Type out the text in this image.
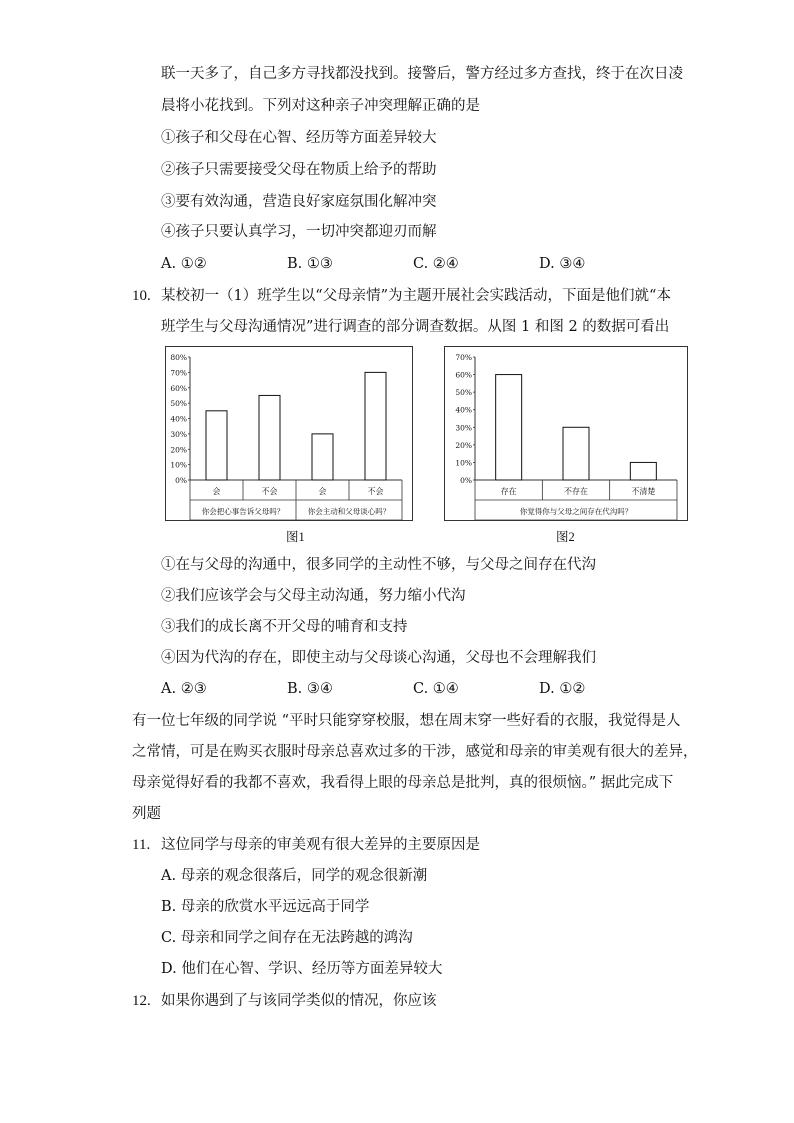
联一天多了，自己多方寻找都没找到。接警后，警方经过多方查找，终于在次日凌
晨将小花找到。下列对这种亲子冲突理解正确的是
①孩子和父母在心智、经历等方面差异较大
②孩子只需要接受父母在物质上给予的帮助
③要有效沟通，营造良好家庭氛围化解冲突
④孩子只要认真学习，一切冲突都迎刃而解
A. ①②	B. ①③	C. ②④	D. ③④
10. 某校初一（1）班学生以“父母亲情”为主题开展社会实践活动，下面是他们就“本
班学生与父母沟通情况”进行调查的部分调查数据。从图 1 和图 2 的数据可看出
0%
10%
20%
30%
40%
50%
60%
70%
80%
你会把心事告诉父母吗？	你会主动和父母谈心吗？
会	不会	会	不会
图1
0%
10%
20%
30%
40%
50%
60%
70%
你觉得你与父母之间存在代沟吗？
存在	不存在	不清楚
图2
①在与父母的沟通中，很多同学的主动性不够，与父母之间存在代沟
②我们应该学会与父母主动沟通，努力缩小代沟
③我们的成长离不开父母的哺育和支持
④因为代沟的存在，即使主动与父母谈心沟通，父母也不会理解我们
A. ②③	B. ③④	C. ①④	D. ①②
有一位七年级的同学说 “平时只能穿穿校服，想在周末穿一些好看的衣服，我觉得是人
之常情，可是在购买衣服时母亲总喜欢过多的干涉，感觉和母亲的审美观有很大的差异，
母亲觉得好看的我都不喜欢，我看得上眼的母亲总是批判，真的很烦恼。” 据此完成下
列题
11. 这位同学与母亲的审美观有很大差异的主要原因是
A. 母亲的观念很落后，同学的观念很新潮
B. 母亲的欣赏水平远远高于同学
C. 母亲和同学之间存在无法跨越的鸿沟
D. 他们在心智、学识、经历等方面差异较大
12. 如果你遇到了与该同学类似的情况，你应该
